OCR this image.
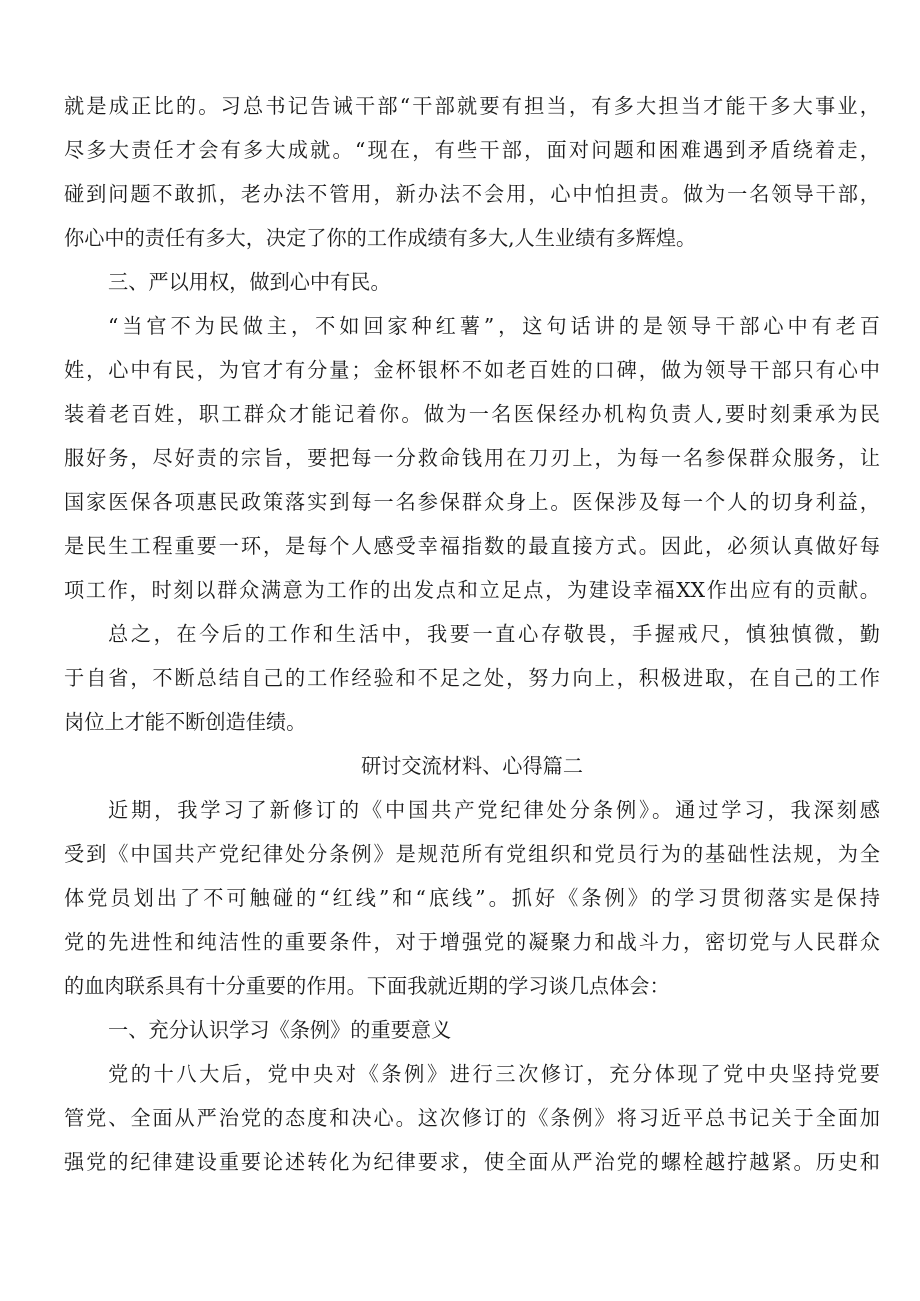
就是成正比的。习总书记告诫干部“干部就要有担当，有多大担当才能干多大事业，
尽多大责任才会有多大成就。“现在，有些干部，面对问题和困难遇到矛盾绕着走，
碰到问题不敢抓，老办法不管用，新办法不会用，心中怕担责。做为一名领导干部，
你心中的责任有多大，决定了你的工作成绩有多大,人生业绩有多辉煌。
三、严以用权，做到心中有民。
“当官不为民做主，不如回家种红薯”，这句话讲的是领导干部心中有老百
姓，心中有民，为官才有分量；金杯银杯不如老百姓的口碑，做为领导干部只有心中
装着老百姓，职工群众才能记着你。做为一名医保经办机构负责人,要时刻秉承为民
服好务，尽好责的宗旨，要把每一分救命钱用在刀刃上，为每一名参保群众服务，让
国家医保各项惠民政策落实到每一名参保群众身上。医保涉及每一个人的切身利益，
是民生工程重要一环，是每个人感受幸福指数的最直接方式。因此，必须认真做好每
项工作，时刻以群众满意为工作的出发点和立足点，为建设幸福XX作出应有的贡献。
总之，在今后的工作和生活中，我要一直心存敬畏，手握戒尺，慎独慎微，勤
于自省，不断总结自己的工作经验和不足之处，努力向上，积极进取，在自己的工作
岗位上才能不断创造佳绩。
研讨交流材料、心得篇二
近期，我学习了新修订的《中国共产党纪律处分条例》。通过学习，我深刻感
受到《中国共产党纪律处分条例》是规范所有党组织和党员行为的基础性法规，为全
体党员划出了不可触碰的“红线”和“底线”。抓好《条例》的学习贯彻落实是保持
党的先进性和纯洁性的重要条件，对于增强党的凝聚力和战斗力，密切党与人民群众
的血肉联系具有十分重要的作用。下面我就近期的学习谈几点体会：
一、充分认识学习《条例》的重要意义
党的十八大后，党中央对《条例》进行三次修订，充分体现了党中央坚持党要
管党、全面从严治党的态度和决心。这次修订的《条例》将习近平总书记关于全面加
强党的纪律建设重要论述转化为纪律要求，使全面从严治党的螺栓越拧越紧。历史和
